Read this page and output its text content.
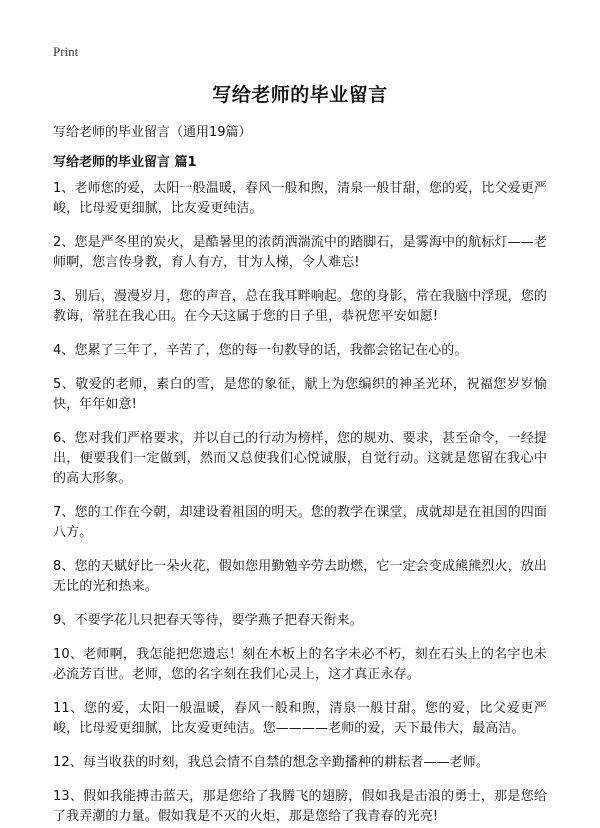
Print
写给老师的毕业留言

写给老师的毕业留言（通用19篇）

写给老师的毕业留言 篇1

1、老师您的爱，太阳一般温暖，春风一般和煦，清泉一般甘甜，您的爱，比父爱更严峻，比母爱更细腻，比友爱更纯洁。

2、您是严冬里的炭火，是酷暑里的浓荫洒湍流中的踏脚石，是雾海中的航标灯——老师啊，您言传身教，育人有方，甘为人梯，令人难忘!

3、别后，漫漫岁月，您的声音，总在我耳畔响起。您的身影，常在我脑中浮现，您的教诲，常驻在我心田。在今天这属于您的日子里，恭祝您平安如愿!

4、您累了三年了，辛苦了，您的每一句教导的话，我都会铭记在心的。

5、敬爱的老师，素白的雪，是您的象征，献上为您编织的神圣光环，祝福您岁岁愉快，年年如意!

6、您对我们严格要求，并以自己的行动为榜样，您的规劝、要求，甚至命令，一经提出，便要我们一定做到，然而又总使我们心悦诚服，自觉行动。这就是您留在我心中的高大形象。

7、您的工作在今朝，却建设着祖国的明天。您的教学在课堂，成就却是在祖国的四面八方。

8、您的天赋好比一朵火花，假如您用勤勉辛劳去助燃，它一定会变成熊熊烈火，放出无比的光和热来。

9、不要学花儿只把春天等待，要学燕子把春天衔来。

10、老师啊，我怎能把您遗忘！刻在木板上的名字未必不朽，刻在石头上的名字也未必流芳百世。老师，您的名字刻在我们心灵上，这才真正永存。

11、您的爱，太阳一般温暖，春风一般和煦，清泉一般甘甜。您的爱，比父爱更严峻，比母爱更细腻，比友爱更纯洁。您————老师的爱，天下最伟大，最高洁。

12、每当收获的时刻，我总会情不自禁的想念辛勤播种的耕耘者——老师。

13、假如我能搏击蓝天，那是您给了我腾飞的翅膀，假如我是击浪的勇士，那是您给了我弄潮的力量。假如我是不灭的火炬，那是您给了我青春的光亮!
